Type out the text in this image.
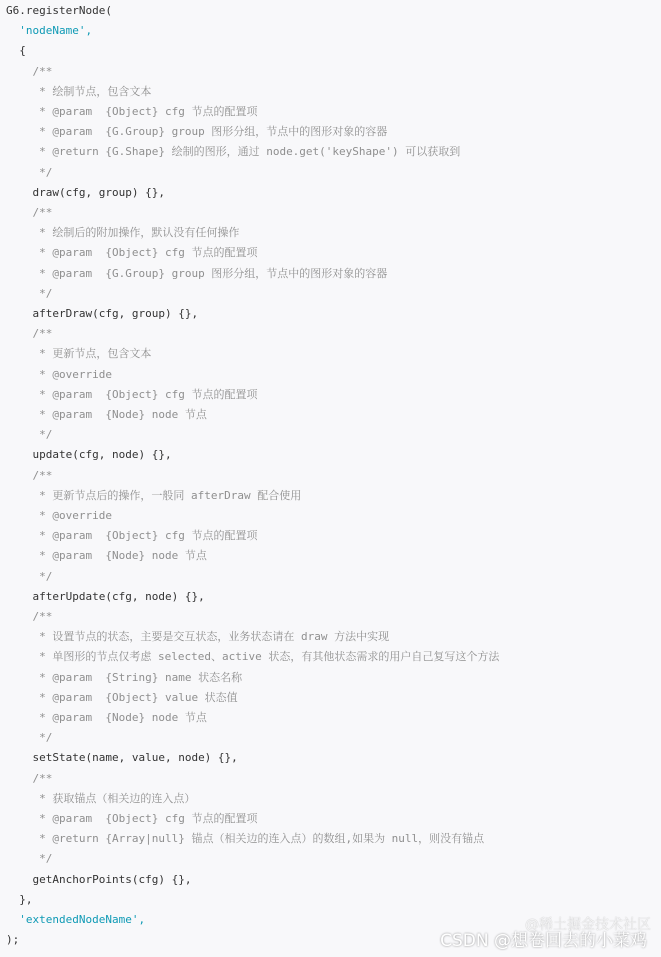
G6.registerNode(
'nodeName',
{
/**
* 绘制节点，包含文本
* @param  {Object} cfg 节点的配置项
* @param  {G.Group} group 图形分组，节点中的图形对象的容器
* @return {G.Shape} 绘制的图形，通过 node.get('keyShape') 可以获取到
*/
draw(cfg, group) {},
/**
* 绘制后的附加操作，默认没有任何操作
* @param  {Object} cfg 节点的配置项
* @param  {G.Group} group 图形分组，节点中的图形对象的容器
*/
afterDraw(cfg, group) {},
/**
* 更新节点，包含文本
* @override
* @param  {Object} cfg 节点的配置项
* @param  {Node} node 节点
*/
update(cfg, node) {},
/**
* 更新节点后的操作，一般同 afterDraw 配合使用
* @override
* @param  {Object} cfg 节点的配置项
* @param  {Node} node 节点
*/
afterUpdate(cfg, node) {},
/**
* 设置节点的状态，主要是交互状态，业务状态请在 draw 方法中实现
* 单图形的节点仅考虑 selected、active 状态，有其他状态需求的用户自己复写这个方法
* @param  {String} name 状态名称
* @param  {Object} value 状态值
* @param  {Node} node 节点
*/
setState(name, value, node) {},
/**
* 获取锚点（相关边的连入点）
* @param  {Object} cfg 节点的配置项
* @return {Array|null} 锚点（相关边的连入点）的数组,如果为 null，则没有锚点
*/
getAnchorPoints(cfg) {},
},
'extendedNodeName',
);
@稀土掘金技术社区
CSDN @想卷回去的小菜鸡
